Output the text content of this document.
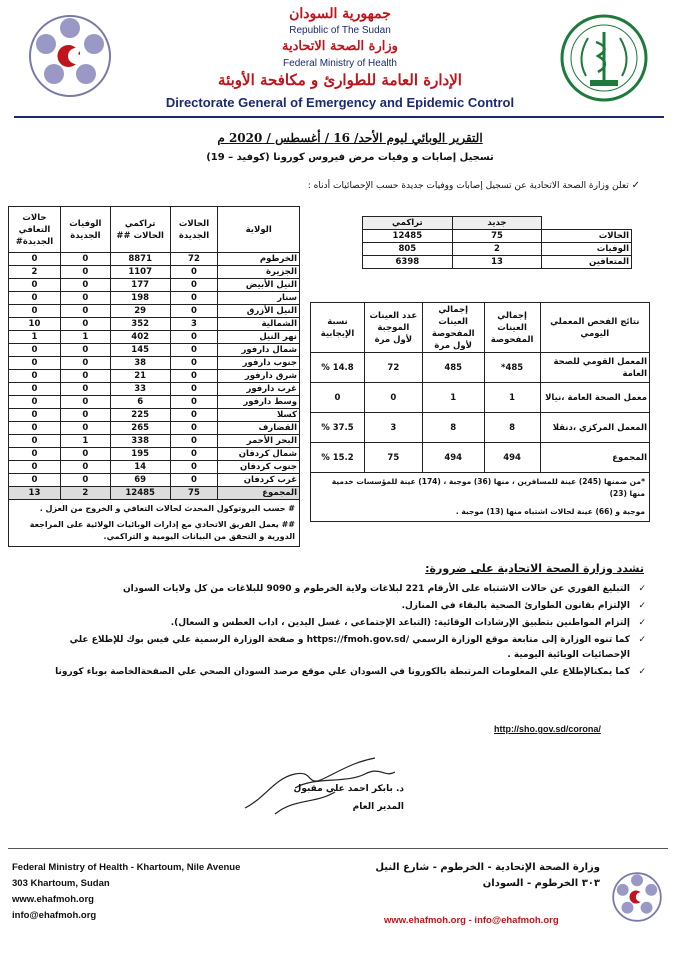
جمهورية السودان
Republic of The Sudan
وزارة الصحة الاتحادية
Federal Ministry of Health
الإدارة العامة للطوارئ و مكافحة الأوبئة
Directorate General of Emergency and Epidemic Control
التقرير الوبائي ليوم الأحد/ 16 / أغسطس / 2020 م
تسجيل إصابات و وفيات مرض فيروس كورونا (كوفيد – 19)
✓ تعلن وزارة الصحة الاتحادية عن تسجيل إصابات ووفيات جديدة حسب الإحصائيات أدناه :
	جديد	تراكمي
الحالات	75	12485
الوفيات	2	805
المتعافين	13	6398
الولاية	الحالات الجديدة	تراكمي الحالات ##	الوفيات الجديدة	حالات التعافي الجديدة#
الخرطوم	72	8871	0	0
الجزيرة	0	1107	0	2
النيل الأبيض	0	177	0	0
سنار	0	198	0	0
النيل الأزرق	0	29	0	0
الشمالية	3	352	0	10
نهر النيل	0	402	1	1
شمال دارفور	0	145	0	0
جنوب دارفور	0	38	0	0
شرق دارفور	0	21	0	0
غرب دارفور	0	33	0	0
وسط دارفور	0	6	0	0
كسلا	0	225	0	0
القضارف	0	265	0	0
البحر الأحمر	0	338	1	0
شمال كردفان	0	195	0	0
جنوب كردفان	0	14	0	0
غرب كردفان	0	69	0	0
المجموع	75	12485	2	13

# حسب البروتوكول المحدث لحالات التعافي و الخروج من العزل .
## يعمل الفريق الاتحادي مع إدارات الوبائيات الولائية على المراجعة الدورية و التحقق من البيانات اليومية و التراكمي.				
نتائج الفحص المعملي اليومي	إجمالي العينات المفحوصة	إجمالي العينات المفحوصة لأول مرة	عدد العينات الموجبة لأول مرة	نسبة الإيجابية
المعمل القومي للصحة العامة	485*	485	72	14.8 %
معمل الصحة العامة ،نيالا	1	1	0	0
المعمل المركزي ،دنقلا	8	8	3	37.5 %
المجموع	494	494	75	15.2 %

*من ضمنها (245) عينة للمسافرين ، منها (36) موجبة ، (174) عينة للمؤسسات خدمية منها (23)
موجبة و (66) عينة لحالات اشتباه منها (13) موجبة .				
تشدد وزارة الصحة الاتحادية على ضرورة:
✓
التبليغ الفوري عن حالات الاشتباه على الأرقام 221 لبلاغات ولاية الخرطوم و 9090 للبلاغات من كل ولايات السودان
✓
الإلتزام بقانون الطوارئ الصحية بالبقاء في المنازل.
✓
إلتزام المواطنين بتطبيق الإرشادات الوقائية: (التباعد الإجتماعي ، غسل اليدين ، اداب العطس و السعال).
✓
كما تنوه الوزارة إلى متابعة موقع الوزارة الرسمي /https://fmoh.gov.sd و صفحة الوزارة الرسمية علي فيس بوك للإطلاع علي الإحصائيات الوبائية اليومية .
✓
كما يمكنالإطلاع علي المعلومات المرتبطة بالكورونا في السودان علي موقع مرصد السودان الصحي علي الصفحةالخاصة بوباء كورونا
http://sho.gov.sd/corona/
د. بابكر احمد علي مقبول
المدير العام
Federal Ministry of Health - Khartoum, Nile Avenue
303 Khartoum, Sudan
www.ehafmoh.org
info@ehafmoh.org
وزارة الصحة الإتحادية - الخرطوم - شارع النيل
٣٠٣ الخرطوم - السودان
www.ehafmoh.org - info@ehafmoh.org
